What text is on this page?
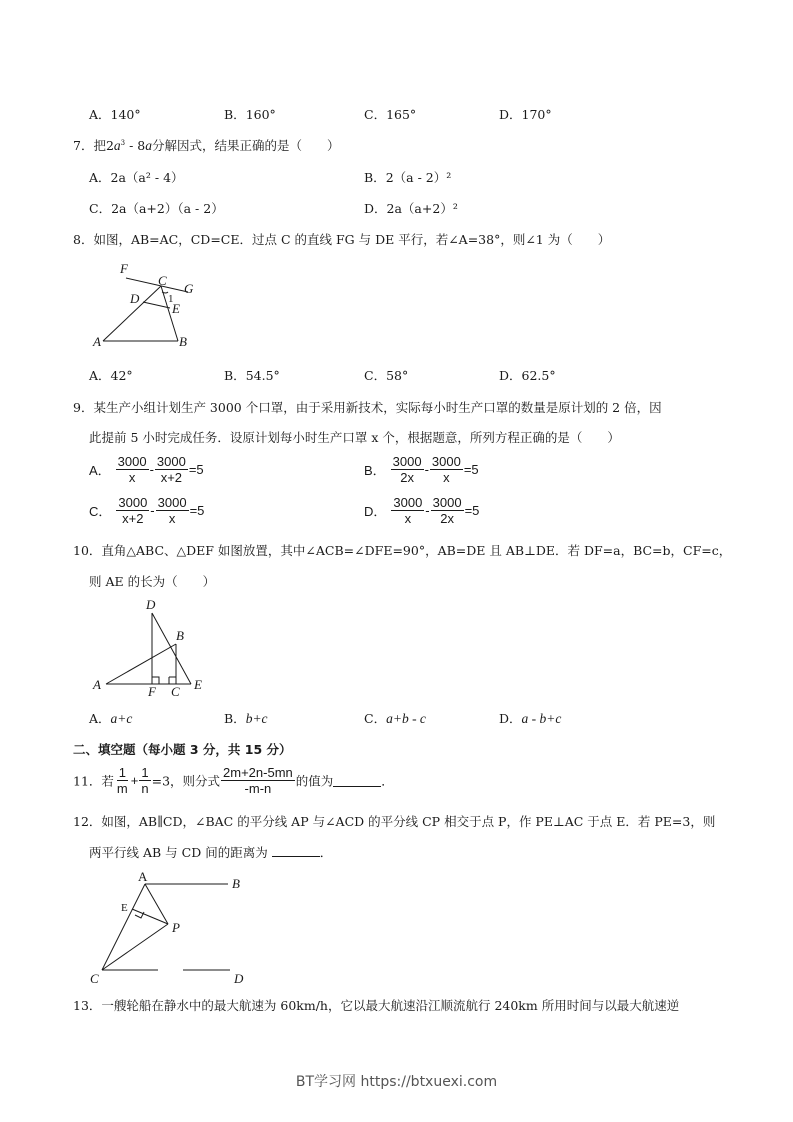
A．140°	B．160°	C．165°	D．170°
7．把$2a^3 - 8a$分解因式，结果正确的是（　　）
A．2a（a² - 4）	B．2（a - 2）²
C．2a（a+2）（a - 2）	D．2a（a+2）²
8．如图，AB=AC，CD=CE．过点 C 的直线 FG 与 DE 平行，若∠A=38°，则∠1 为（　　）
F
C
G
D	1
E
A	B
A．42°	B．54.5°	C．58°	D．62.5°
9．某生产小组计划生产 3000 个口罩，由于采用新技术，实际每小时生产口罩的数量是原计划的 2 倍，因
此提前 5 小时完成任务．设原计划每小时生产口罩 x 个，根据题意，所列方程正确的是（　　）
A． $\frac{3000}{x} - \frac{3000}{x+2} =5$	B． $\frac{3000}{2x} - \frac{3000}{x} =5$
C． $\frac{3000}{x+2} - \frac{3000}{x} =5$	D． $\frac{3000}{x} - \frac{3000}{2x} =5$
10．直角△ABC、△DEF 如图放置，其中∠ACB=∠DFE=90°，AB=DE 且 AB⊥DE．若 DF=a，BC=b，CF=c，
则 AE 的长为（　　）
D
B
A	F C E
A．a+c	B．b+c	C．a+b - c	D．a - b+c
二、填空题（每小题 3 分，共 15 分）
11．若 $\frac{1}{m} + \frac{1}{n} =3$，则分式 $\frac{2m+2n-5mn}{-m-n}$ 的值为	．
12．如图，AB∥CD，∠BAC 的平分线 AP 与∠ACD 的平分线 CP 相交于点 P，作 PE⊥AC 于点 E．若 PE=3，则
两平行线 AB 与 CD 间的距离为	．
A	B
E
P
C	D
13．一艘轮船在静水中的最大航速为 60km/h，它以最大航速沿江顺流航行 240km 所用时间与以最大航速逆
BT学习网 https://btxuexi.com
